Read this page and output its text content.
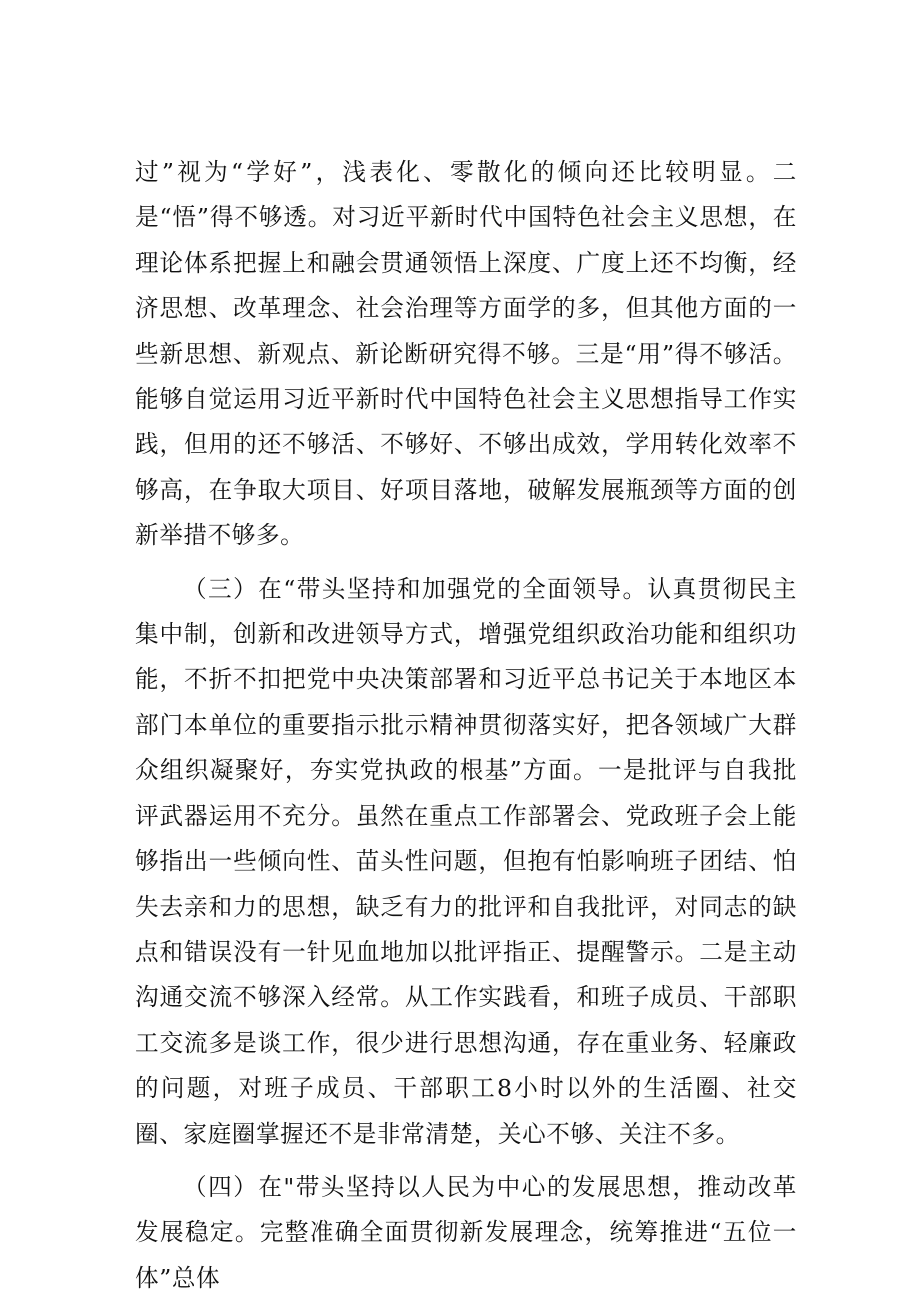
过”视为“学好”，浅表化、零散化的倾向还比较明显。二是“悟”得不够透。对习近平新时代中国特色社会主义思想，在理论体系把握上和融会贯通领悟上深度、广度上还不均衡，经济思想、改革理念、社会治理等方面学的多，但其他方面的一些新思想、新观点、新论断研究得不够。三是“用”得不够活。能够自觉运用习近平新时代中国特色社会主义思想指导工作实践，但用的还不够活、不够好、不够出成效，学用转化效率不够高，在争取大项目、好项目落地，破解发展瓶颈等方面的创新举措不够多。

（三）在“带头坚持和加强党的全面领导。认真贯彻民主集中制，创新和改进领导方式，增强党组织政治功能和组织功能，不折不扣把党中央决策部署和习近平总书记关于本地区本部门本单位的重要指示批示精神贯彻落实好，把各领域广大群众组织凝聚好，夯实党执政的根基”方面。一是批评与自我批评武器运用不充分。虽然在重点工作部署会、党政班子会上能够指出一些倾向性、苗头性问题，但抱有怕影响班子团结、怕失去亲和力的思想，缺乏有力的批评和自我批评，对同志的缺点和错误没有一针见血地加以批评指正、提醒警示。二是主动沟通交流不够深入经常。从工作实践看，和班子成员、干部职工交流多是谈工作，很少进行思想沟通，存在重业务、轻廉政的问题，对班子成员、干部职工8小时以外的生活圈、社交圈、家庭圈掌握还不是非常清楚，关心不够、关注不多。

（四）在"带头坚持以人民为中心的发展思想，推动改革发展稳定。完整准确全面贯彻新发展理念，统筹推进“五位一体”总体
